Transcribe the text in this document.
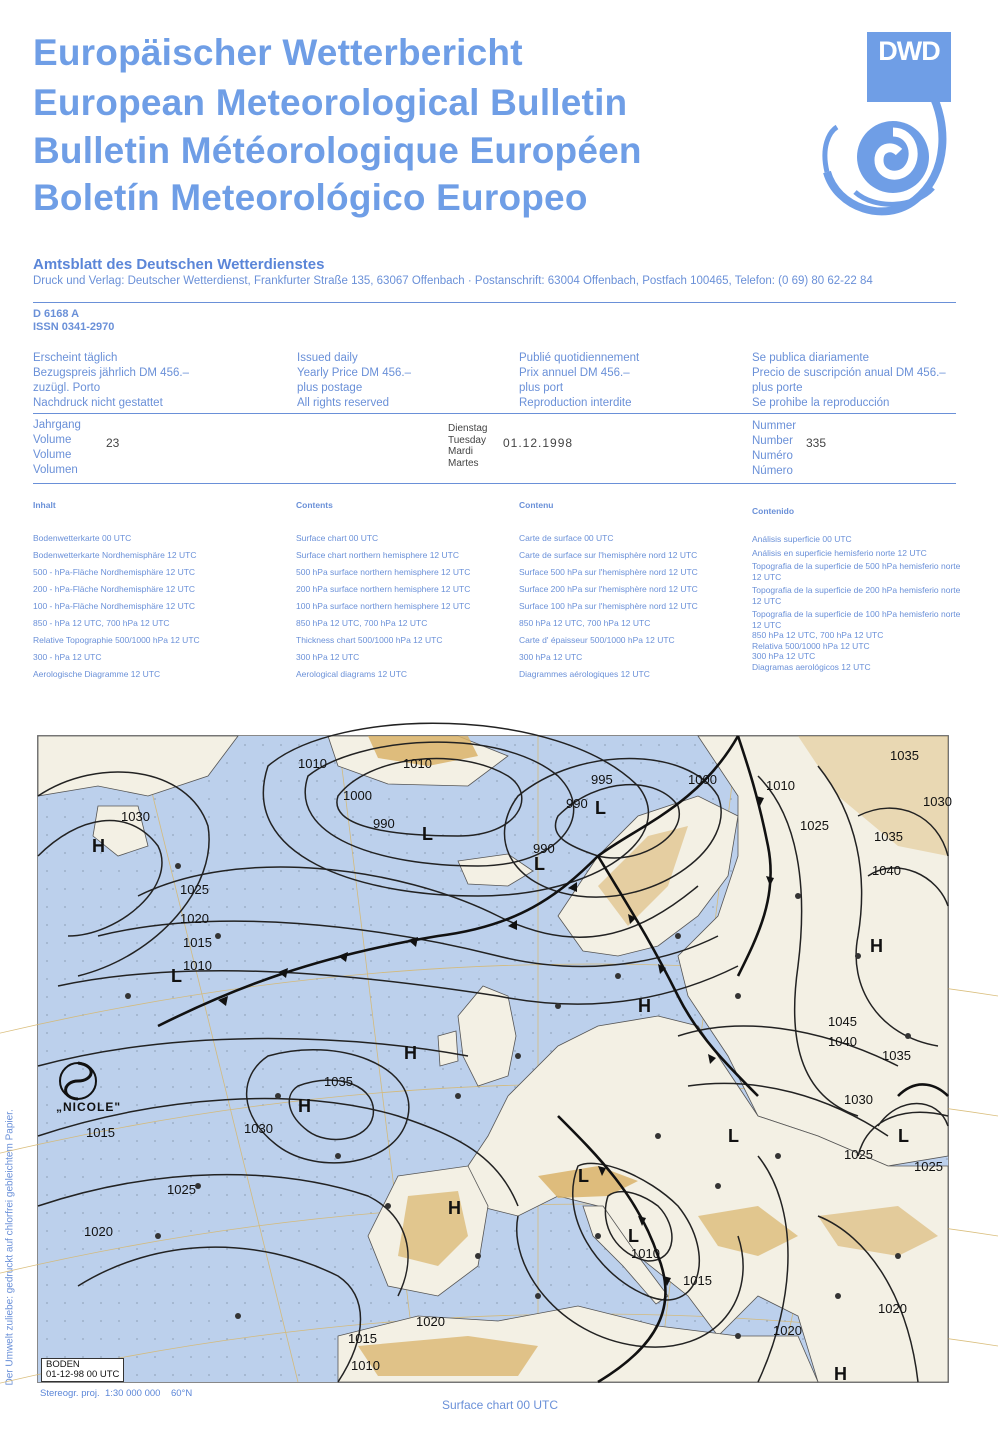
Europäischer Wetterbericht
European Meteorological Bulletin
Bulletin Météorologique Européen
Boletín Meteorológico Europeo
DWD
Amtsblatt des Deutschen Wetterdienstes
Druck und Verlag: Deutscher Wetterdienst, Frankfurter Straße 135, 63067 Offenbach · Postanschrift: 63004 Offenbach, Postfach 100465, Telefon: (0 69) 80 62-22 84
D 6168 A
ISSN 0341-2970
Erscheint täglich
Bezugspreis jährlich DM 456.–
zuzügl. Porto
Nachdruck nicht gestattet
Issued daily
Yearly Price DM 456.–
plus postage
All rights reserved
Publié quotidiennement
Prix annuel DM 456.–
plus port
Reproduction interdite
Se publica diariamente
Precio de suscripción anual DM 456.–
plus porte
Se prohibe la reproducción
Jahrgang
Volume
Volume
Volumen
23
Dienstag
Tuesday
Mardi
Martes
01.12.1998
Nummer
Number
Numéro
Número
335
Inhalt
Bodenwetterkarte 00 UTC
Bodenwetterkarte Nordhemisphäre 12 UTC
500 - hPa-Fläche Nordhemisphäre 12 UTC
200 - hPa-Fläche Nordhemisphäre 12 UTC
100 - hPa-Fläche Nordhemisphäre 12 UTC
850 - hPa 12 UTC, 700 hPa 12 UTC
Relative Topographie 500/1000 hPa 12 UTC
300 - hPa 12 UTC
Aerologische Diagramme 12 UTC
Contents
Surface chart 00 UTC
Surface chart northern hemisphere 12 UTC
500 hPa surface northern hemisphere 12 UTC
200 hPa surface northern hemisphere 12 UTC
100 hPa surface northern hemisphere 12 UTC
850 hPa 12 UTC, 700 hPa 12 UTC
Thickness chart 500/1000 hPa 12 UTC
300 hPa 12 UTC
Aerological diagrams 12 UTC
Contenu
Carte de surface 00 UTC
Carte de surface sur l'hemisphère nord 12 UTC
Surface 500 hPa sur l'hemisphère nord 12 UTC
Surface 200 hPa sur l'hemisphère nord 12 UTC
Surface 100 hPa sur l'hemisphère nord 12 UTC
850 hPa 12 UTC, 700 hPa 12 UTC
Carte d' épaisseur 500/1000 hPa 12 UTC
300 hPa 12 UTC
Diagrammes aérologiques 12 UTC
Contenido
Análisis superficie 00 UTC
Análisis en superficie hemisferio norte 12 UTC
Topografia de la superficie de 500 hPa hemisferio norte 12 UTC
Topografia de la superficie de 200 hPa hemisferio norte 12 UTC
Topografia de la superficie de 100 hPa hemisferio norte 12 UTC
850 hPa 12 UTC, 700 hPa 12 UTC
Relativa 500/1000 hPa 12 UTC
300 hPa 12 UTC
Diagramas aerológicos 12 UTC
Der Umwelt zuliebe: gedruckt auf chlorfrei gebleichtem Papier.
1010	1010
1000
990
990
995
990
1000	1010
1035
1030
1025
1035
1040
1025
1020
1015
1010
1030
1035
1030
1025
1020
1045
1040
1035
1030
1025
1025
1020
1015
1010
1015
1010
1020
1015
1020
H
L
L
L
H
H
H
L
L
H
L
H
L
L
H
„NICOLE"
BODEN
01-12-98 00 UTC
Stereogr. proj.  1:30 000 000    60°N
Surface chart 00 UTC
